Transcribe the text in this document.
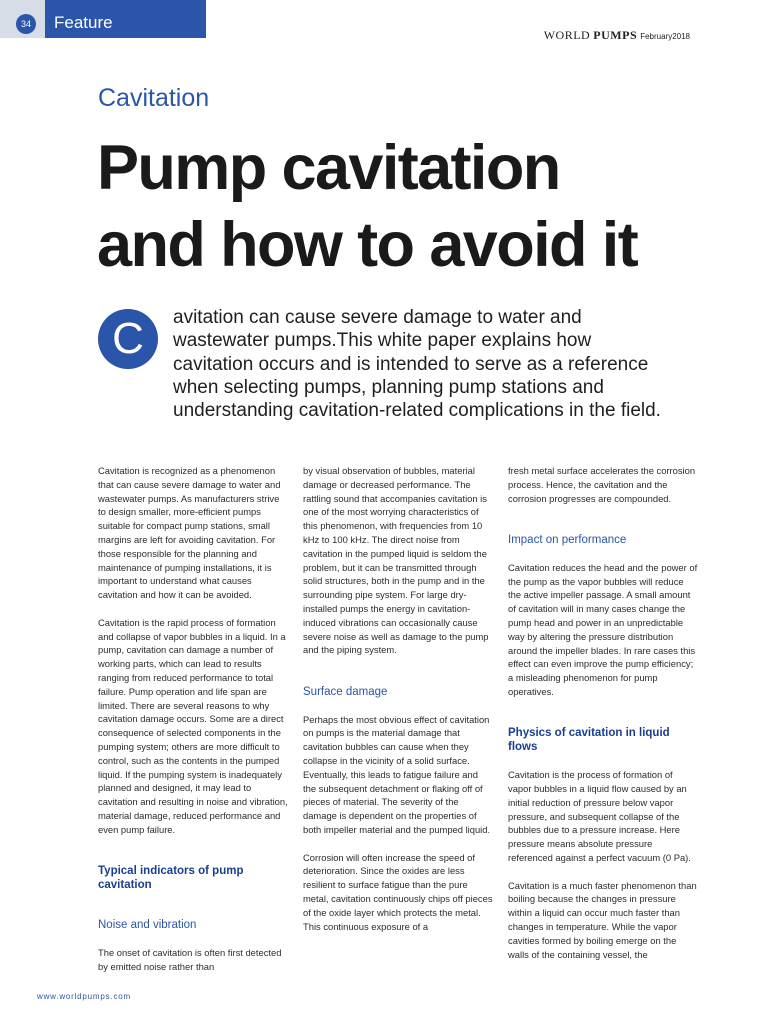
34 Feature
WORLD PUMPS February2018
Cavitation
Pump cavitation
and how to avoid it
C	avitation can cause severe damage to water and wastewater pumps.This white paper explains how cavitation occurs and is intended to serve as a reference when selecting pumps, planning pump stations and understanding cavitation-related complications in the field.

Cavitation is recognized as a phenomenon that can cause severe damage to water and wastewater pumps. As manufacturers strive to design smaller, more-efficient pumps suitable for compact pump stations, small margins are left for avoiding cavitation. For those responsible for the planning and maintenance of pumping installations, it is important to understand what causes cavitation and how it can be avoided.

Cavitation is the rapid process of formation and collapse of vapor bubbles in a liquid. In a pump, cavitation can damage a number of working parts, which can lead to results ranging from reduced performance to total failure. Pump operation and life span are limited. There are several reasons to why cavitation damage occurs. Some are a direct consequence of selected components in the pumping system; others are more difficult to control, such as the contents in the pumped liquid. If the pumping system is inadequately planned and designed, it may lead to cavitation and resulting in noise and vibration, material damage, reduced performance and even pump failure.

Typical indicators of pump cavitation

Noise and vibration

The onset of cavitation is often first detected by emitted noise rather than

by visual observation of bubbles, material damage or decreased performance. The rattling sound that accompanies cavitation is one of the most worrying characteristics of this phenomenon, with frequencies from 10 kHz to 100 kHz. The direct noise from cavitation in the pumped liquid is seldom the problem, but it can be transmitted through solid structures, both in the pump and in the surrounding pipe system. For large dry-installed pumps the energy in cavitation-induced vibrations can occasionally cause severe noise as well as damage to the pump and the piping system.

Surface damage

Perhaps the most obvious effect of cavitation on pumps is the material damage that cavitation bubbles can cause when they collapse in the vicinity of a solid surface. Eventually, this leads to fatigue failure and the subsequent detachment or flaking off of pieces of material. The severity of the damage is dependent on the properties of both impeller material and the pumped liquid.

Corrosion will often increase the speed of deterioration. Since the oxides are less resilient to surface fatigue than the pure metal, cavitation continuously chips off pieces of the oxide layer which protects the metal. This continuous exposure of a

fresh metal surface accelerates the corrosion process. Hence, the cavitation and the corrosion progresses are compounded.

Impact on performance

Cavitation reduces the head and the power of the pump as the vapor bubbles will reduce the active impeller passage. A small amount of cavitation will in many cases change the pump head and power in an unpredictable way by altering the pressure distribution around the impeller blades. In rare cases this effect can even improve the pump efficiency; a misleading phenomenon for pump operatives.

Physics of cavitation in liquid flows

Cavitation is the process of formation of vapor bubbles in a liquid flow caused by an initial reduction of pressure below vapor pressure, and subsequent collapse of the bubbles due to a pressure increase. Here pressure means absolute pressure referenced against a perfect vacuum (0 Pa).

Cavitation is a much faster phenomenon than boiling because the changes in pressure within a liquid can occur much faster than changes in temperature. While the vapor cavities formed by boiling emerge on the walls of the containing vessel, the

www.worldpumps.com
